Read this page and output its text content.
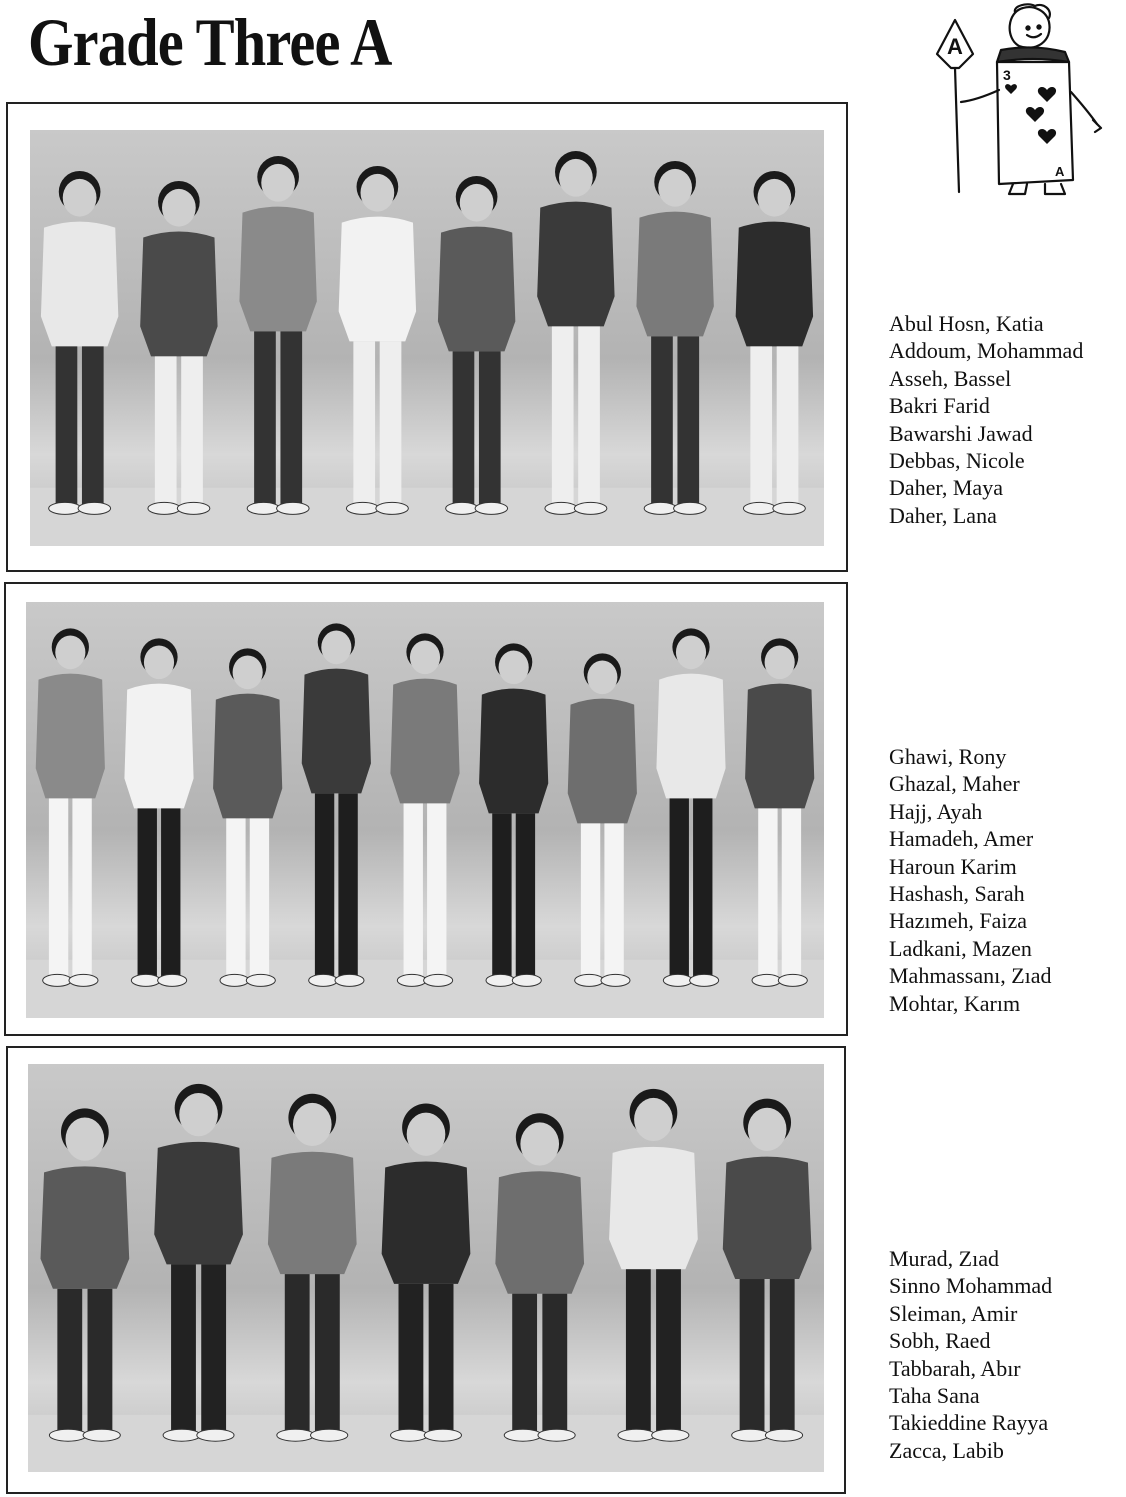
Grade Three A	A
3
A
Abul Hosn, Katia
Addoum, Mohammad
Asseh, Bassel
Bakri Farid
Bawarshi Jawad
Debbas, Nicole
Daher, Maya
Daher, Lana
Ghawi, Rony
Ghazal, Maher
Hajj, Ayah
Hamadeh, Amer
Haroun Karim
Hashash, Sarah
Hazımeh, Faiza
Ladkani, Mazen
Mahmassanı, Zıad
Mohtar, Karım
Murad, Zıad
Sinno Mohammad
Sleiman, Amir
Sobh, Raed
Tabbarah, Abır
Taha Sana
Takieddine Rayya
Zacca, Labib
